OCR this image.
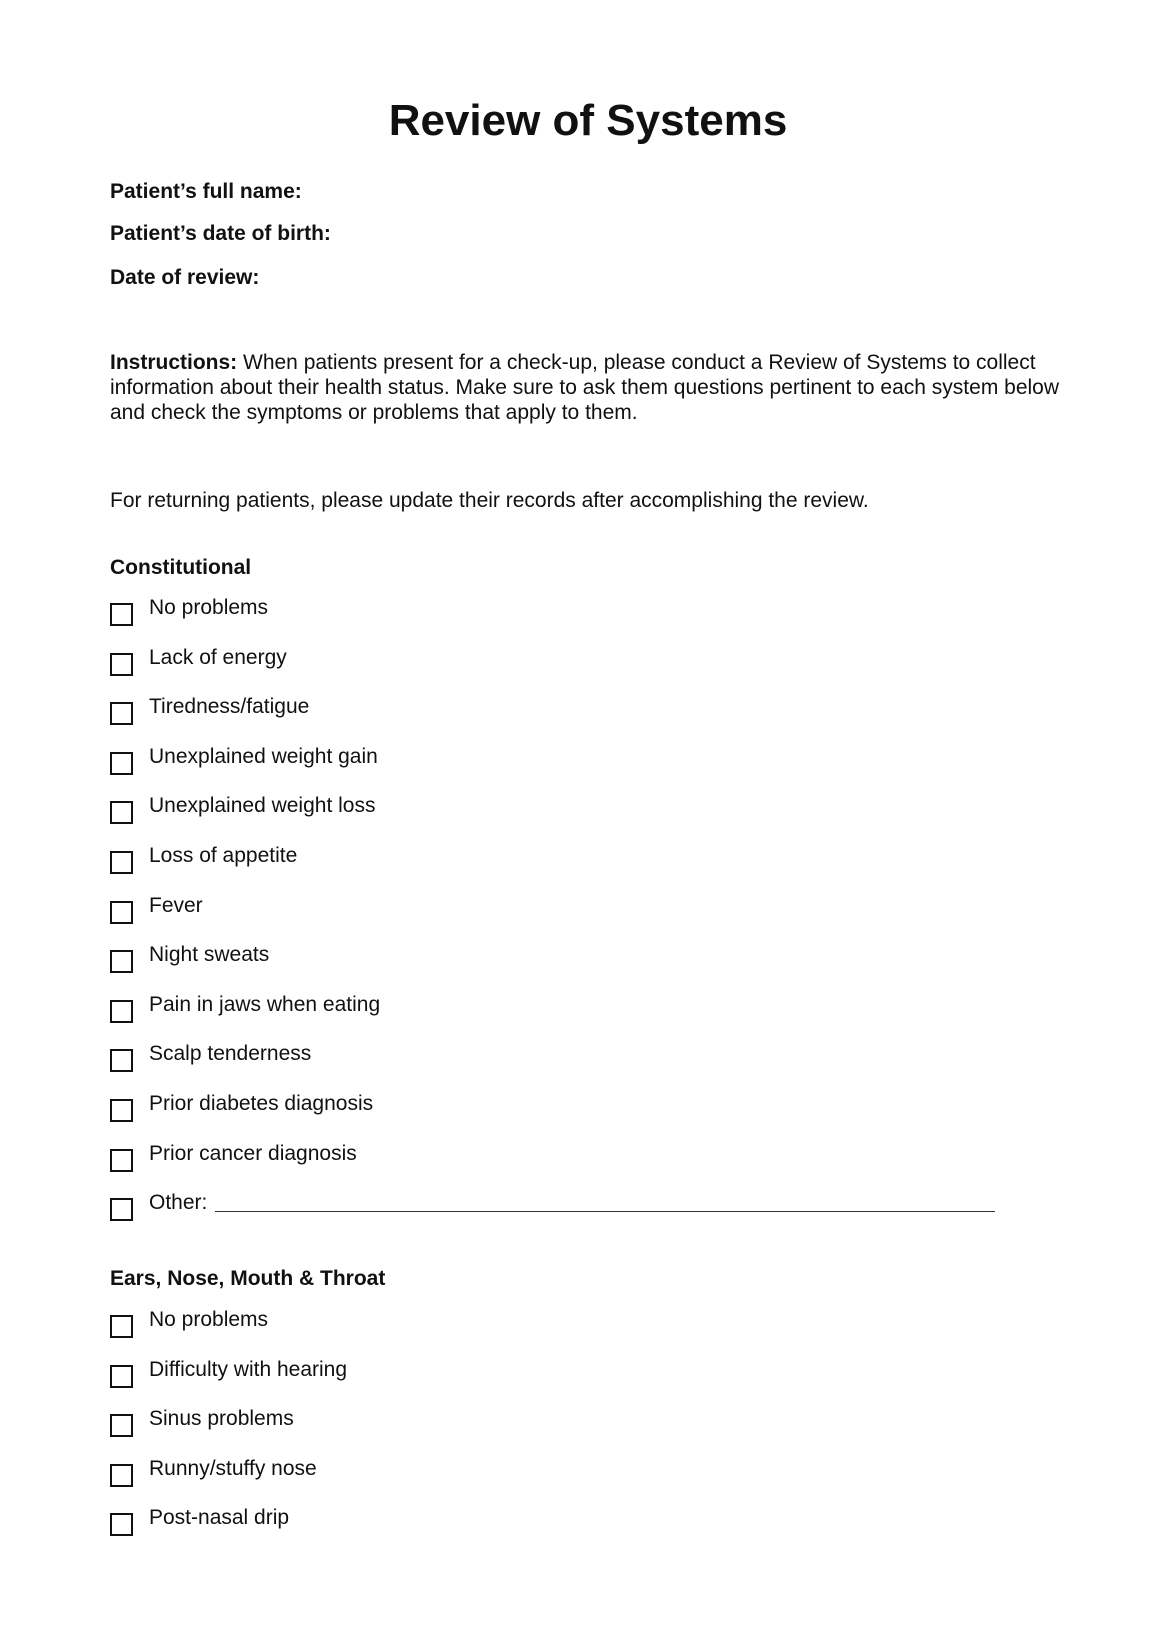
Review of Systems
Patient’s full name:
Patient’s date of birth:
Date of review:
Instructions: When patients present for a check-up, please conduct a Review of Systems to collect information about their health status. Make sure to ask them questions pertinent to each system below and check the symptoms or problems that apply to them.
For returning patients, please update their records after accomplishing the review.
Constitutional
No problems
Lack of energy
Tiredness/fatigue
Unexplained weight gain
Unexplained weight loss
Loss of appetite
Fever
Night sweats
Pain in jaws when eating
Scalp tenderness
Prior diabetes diagnosis
Prior cancer diagnosis
Other:
Ears, Nose, Mouth & Throat
No problems
Difficulty with hearing
Sinus problems
Runny/stuffy nose
Post-nasal drip
